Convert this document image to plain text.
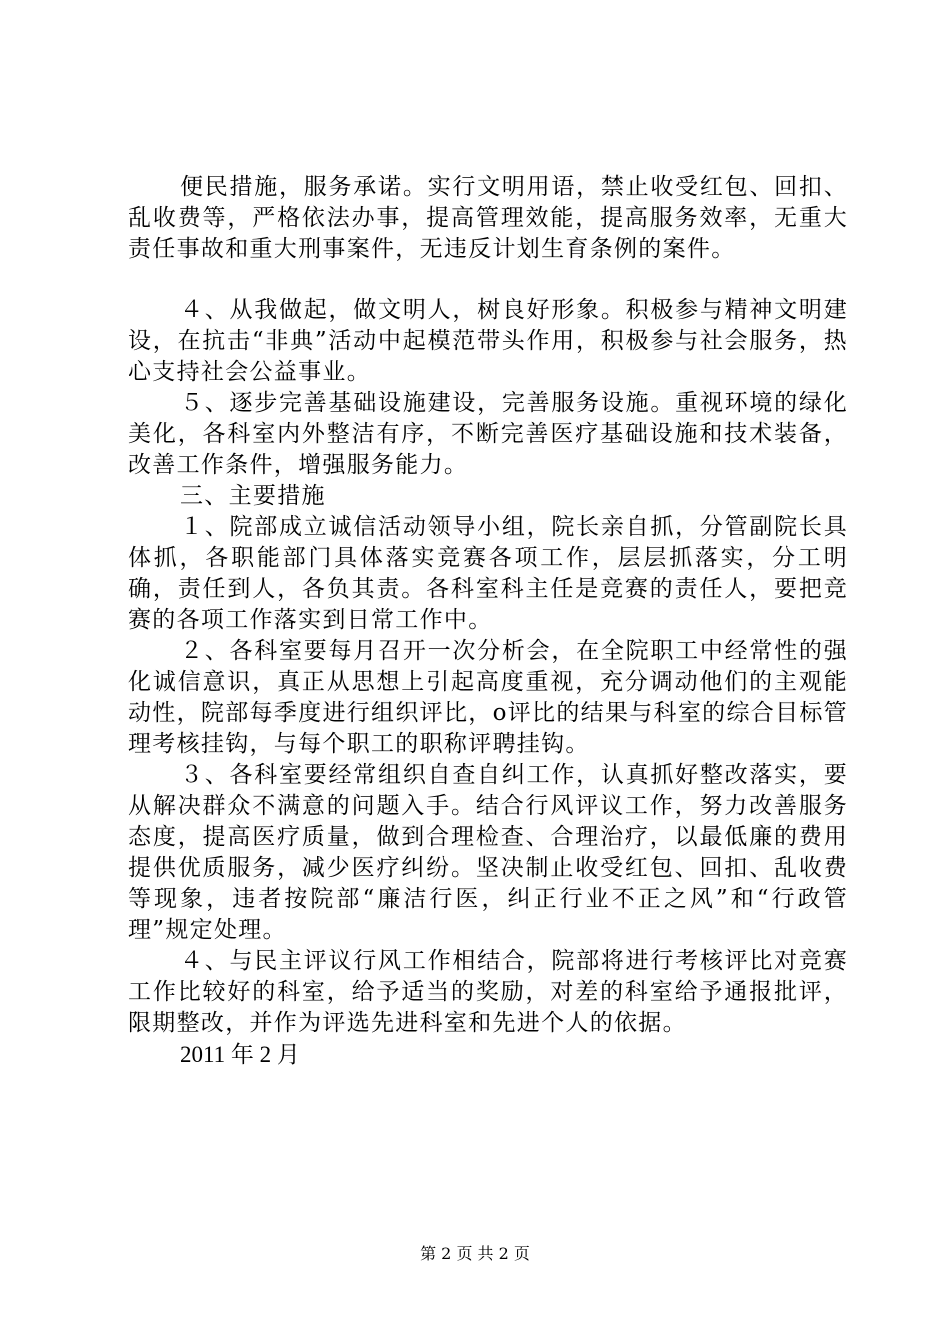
便民措施，服务承诺。实行文明用语，禁止收受红包、回扣、乱收费等，严格依法办事，提高管理效能，提高服务效率，无重大责任事故和重大刑事案件，无违反计划生育条例的案件。

４、从我做起，做文明人，树良好形象。积极参与精神文明建设，在抗击“非典”活动中起模范带头作用，积极参与社会服务，热心支持社会公益事业。

５、逐步完善基础设施建设，完善服务设施。重视环境的绿化美化，各科室内外整洁有序，不断完善医疗基础设施和技术装备，改善工作条件，增强服务能力。

三、主要措施

１、院部成立诚信活动领导小组，院长亲自抓，分管副院长具体抓，各职能部门具体落实竞赛各项工作，层层抓落实，分工明确，责任到人，各负其责。各科室科主任是竞赛的责任人，要把竞赛的各项工作落实到日常工作中。

２、各科室要每月召开一次分析会，在全院职工中经常性的强化诚信意识，真正从思想上引起高度重视，充分调动他们的主观能动性，院部每季度进行组织评比，o评比的结果与科室的综合目标管理考核挂钩，与每个职工的职称评聘挂钩。

３、各科室要经常组织自查自纠工作，认真抓好整改落实，要从解决群众不满意的问题入手。结合行风评议工作，努力改善服务态度，提高医疗质量，做到合理检查、合理治疗，以最低廉的费用提供优质服务，减少医疗纠纷。坚决制止收受红包、回扣、乱收费等现象，违者按院部“廉洁行医，纠正行业不正之风”和“行政管理”规定处理。

４、与民主评议行风工作相结合，院部将进行考核评比对竞赛工作比较好的科室，给予适当的奖励，对差的科室给予通报批评，限期整改，并作为评选先进科室和先进个人的依据。

2011 年 2 月

第 2 页 共 2 页
